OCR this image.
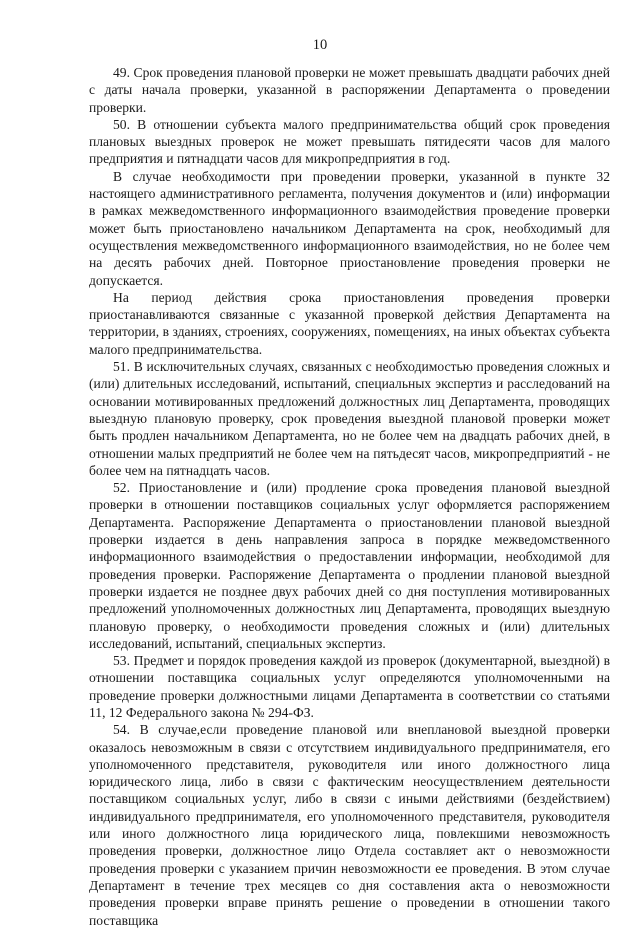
10

49. Срок проведения плановой проверки не может превышать двадцати рабочих дней с даты начала проверки, указанной в распоряжении Департамента о проведении проверки.

50. В отношении субъекта малого предпринимательства общий срок проведения плановых выездных проверок не может превышать пятидесяти часов для малого предприятия и пятнадцати часов для микропредприятия в год.

В случае необходимости при проведении проверки, указанной в пункте 32 настоящего административного регламента, получения документов и (или) информации в рамках межведомственного информационного взаимодействия проведение проверки может быть приостановлено начальником Департамента на срок, необходимый для осуществления межведомственного информационного взаимодействия, но не более чем на десять рабочих дней. Повторное приостановление проведения проверки не допускается.

На период действия срока приостановления проведения проверки приостанавливаются связанные с указанной проверкой действия Департамента на территории, в зданиях, строениях, сооружениях, помещениях, на иных объектах субъекта малого предпринимательства.

51. В исключительных случаях, связанных с необходимостью проведения сложных и (или) длительных исследований, испытаний, специальных экспертиз и расследований на основании мотивированных предложений должностных лиц Департамента, проводящих выездную плановую проверку, срок проведения выездной плановой проверки может быть продлен начальником Департамента, но не более чем на двадцать рабочих дней, в отношении малых предприятий не более чем на пятьдесят часов, микропредприятий - не более чем на пятнадцать часов.

52. Приостановление и (или) продление срока проведения плановой выездной проверки в отношении поставщиков социальных услуг оформляется распоряжением Департамента. Распоряжение Департамента о приостановлении плановой выездной проверки издается в день направления запроса в порядке межведомственного информационного взаимодействия о предоставлении информации, необходимой для проведения проверки. Распоряжение Департамента о продлении плановой выездной проверки издается не позднее двух рабочих дней со дня поступления мотивированных предложений уполномоченных должностных лиц Департамента, проводящих выездную плановую проверку, о необходимости проведения сложных и (или) длительных исследований, испытаний, специальных экспертиз.

53. Предмет и порядок проведения каждой из проверок (документарной, выездной) в отношении поставщика социальных услуг определяются уполномоченными на проведение проверки должностными лицами Департамента в соответствии со статьями 11, 12 Федерального закона № 294-ФЗ.

54. В случае,если проведение плановой или внеплановой выездной проверки оказалось невозможным в связи с отсутствием индивидуального предпринимателя, его уполномоченного представителя, руководителя или иного должностного лица юридического лица, либо в связи с фактическим неосуществлением деятельности поставщиком социальных услуг, либо в связи с иными действиями (бездействием) индивидуального предпринимателя, его уполномоченного представителя, руководителя или иного должностного лица юридического лица, повлекшими невозможность проведения проверки, должностное лицо Отдела составляет акт о невозможности проведения проверки с указанием причин невозможности ее проведения. В этом случае Департамент в течение трех месяцев со дня составления акта о невозможности проведения проверки вправе принять решение о проведении в отношении такого поставщика
